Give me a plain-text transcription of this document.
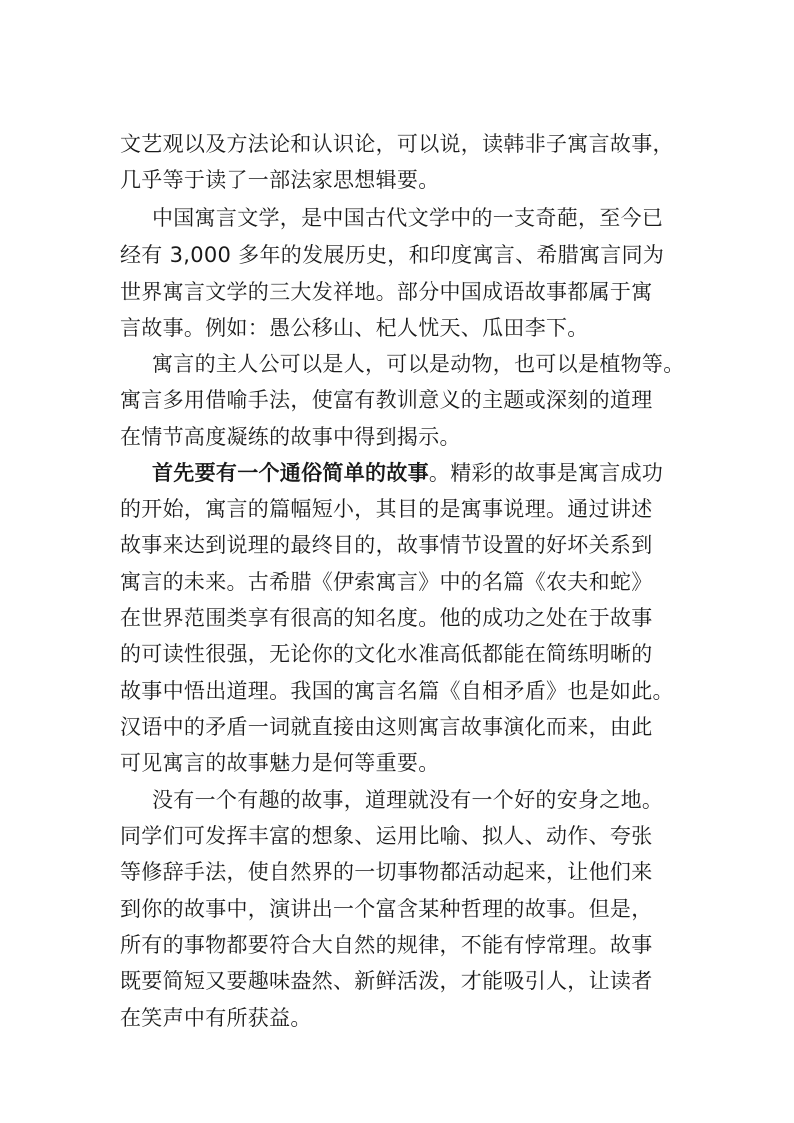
文艺观以及方法论和认识论，可以说，读韩非子寓言故事，
几乎等于读了一部法家思想辑要。
中国寓言文学，是中国古代文学中的一支奇葩，至今已
经有 3,000 多年的发展历史，和印度寓言、希腊寓言同为
世界寓言文学的三大发祥地。部分中国成语故事都属于寓
言故事。例如：愚公移山、杞人忧天、瓜田李下。
寓言的主人公可以是人，可以是动物，也可以是植物等。
寓言多用借喻手法，使富有教训意义的主题或深刻的道理
在情节高度凝练的故事中得到揭示。
首先要有一个通俗简单的故事。精彩的故事是寓言成功
的开始，寓言的篇幅短小，其目的是寓事说理。通过讲述
故事来达到说理的最终目的，故事情节设置的好坏关系到
寓言的未来。古希腊《伊索寓言》中的名篇《农夫和蛇》
在世界范围类享有很高的知名度。他的成功之处在于故事
的可读性很强，无论你的文化水准高低都能在简练明晰的
故事中悟出道理。我国的寓言名篇《自相矛盾》也是如此。
汉语中的矛盾一词就直接由这则寓言故事演化而来，由此
可见寓言的故事魅力是何等重要。
没有一个有趣的故事，道理就没有一个好的安身之地。
同学们可发挥丰富的想象、运用比喻、拟人、动作、夸张
等修辞手法，使自然界的一切事物都活动起来，让他们来
到你的故事中，演讲出一个富含某种哲理的故事。但是，
所有的事物都要符合大自然的规律，不能有悖常理。故事
既要简短又要趣味盎然、新鲜活泼，才能吸引人，让读者
在笑声中有所获益。
